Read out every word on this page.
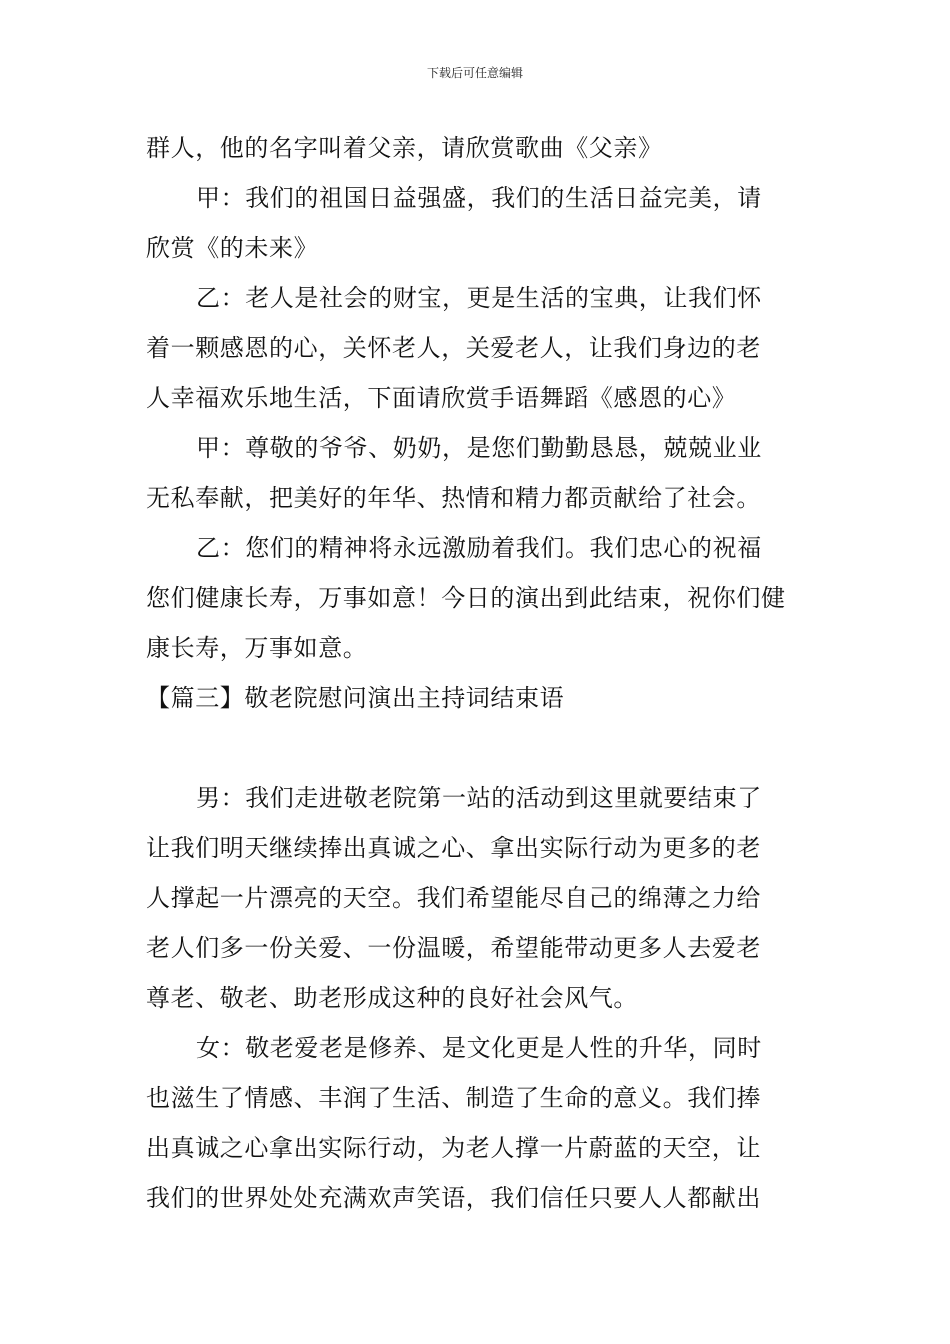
下载后可任意编辑
群人，他的名字叫着父亲，请欣赏歌曲《父亲》
甲：我们的祖国日益强盛，我们的生活日益完美，请
欣赏《的未来》
乙：老人是社会的财宝，更是生活的宝典，让我们怀
着一颗感恩的心，关怀老人，关爱老人，让我们身边的老
人幸福欢乐地生活，下面请欣赏手语舞蹈《感恩的心》
甲：尊敬的爷爷、奶奶，是您们勤勤恳恳，兢兢业业
无私奉献，把美好的年华、热情和精力都贡献给了社会。
乙：您们的精神将永远激励着我们。我们忠心的祝福
您们健康长寿，万事如意！今日的演出到此结束，祝你们健
康长寿，万事如意。
【篇三】敬老院慰问演出主持词结束语
男：我们走进敬老院第一站的活动到这里就要结束了
让我们明天继续捧出真诚之心、拿出实际行动为更多的老
人撑起一片漂亮的天空。我们希望能尽自己的绵薄之力给
老人们多一份关爱、一份温暖，希望能带动更多人去爱老
尊老、敬老、助老形成这种的良好社会风气。
女：敬老爱老是修养、是文化更是人性的升华，同时
也滋生了情感、丰润了生活、制造了生命的意义。我们捧
出真诚之心拿出实际行动，为老人撑一片蔚蓝的天空，让
我们的世界处处充满欢声笑语，我们信任只要人人都献出
